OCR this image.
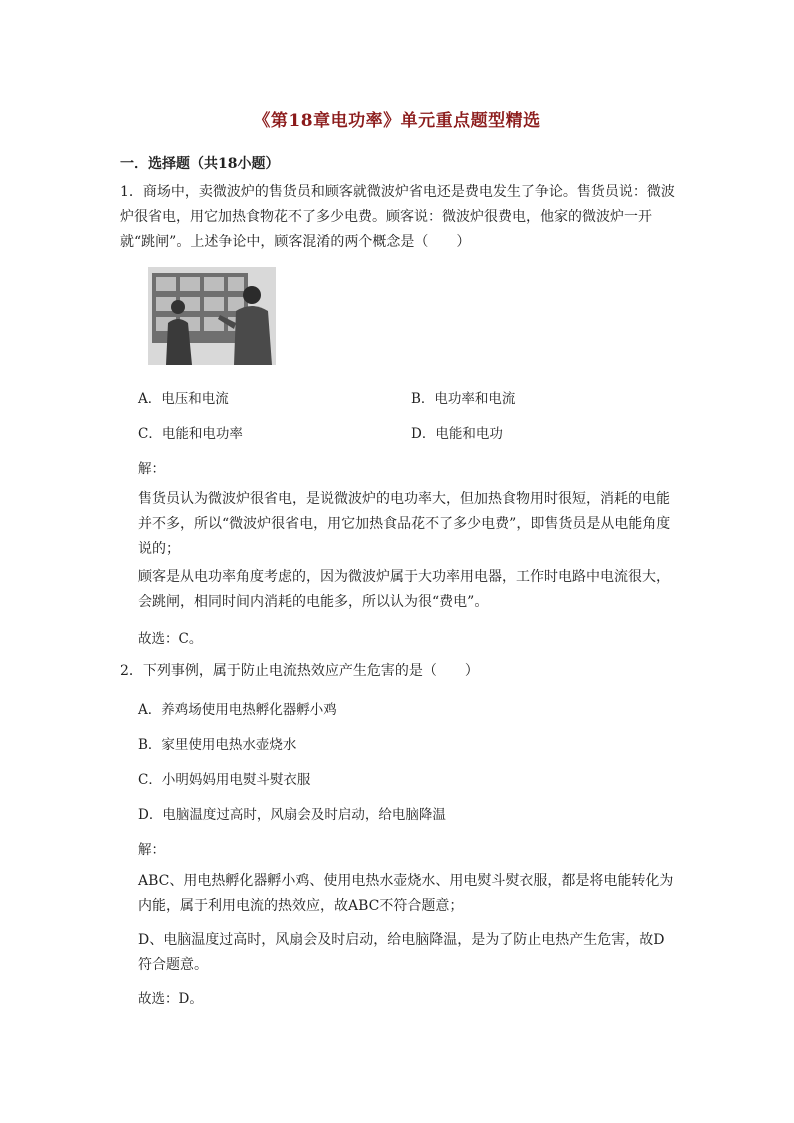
《第18章电功率》单元重点题型精选
一．选择题（共18小题）

1．商场中，卖微波炉的售货员和顾客就微波炉省电还是费电发生了争论。售货员说：微波炉很省电，用它加热食物花不了多少电费。顾客说：微波炉很费电，他家的微波炉一开就“跳闸”。上述争论中，顾客混淆的两个概念是（　　）

A．电压和电流	B．电功率和电流
C．电能和电功率	D．电能和电功
解：

售货员认为微波炉很省电，是说微波炉的电功率大，但加热食物用时很短，消耗的电能并不多，所以“微波炉很省电，用它加热食品花不了多少电费”，即售货员是从电能角度说的；

顾客是从电功率角度考虑的，因为微波炉属于大功率用电器，工作时电路中电流很大，会跳闸，相同时间内消耗的电能多，所以认为很“费电”。

故选：C。

2．下列事例，属于防止电流热效应产生危害的是（　　）

A．养鸡场使用电热孵化器孵小鸡
B．家里使用电热水壶烧水
C．小明妈妈用电熨斗熨衣服
D．电脑温度过高时，风扇会及时启动，给电脑降温
解：

ABC、用电热孵化器孵小鸡、使用电热水壶烧水、用电熨斗熨衣服，都是将电能转化为内能，属于利用电流的热效应，故ABC不符合题意；

D、电脑温度过高时，风扇会及时启动，给电脑降温，是为了防止电热产生危害，故D符合题意。

故选：D。
